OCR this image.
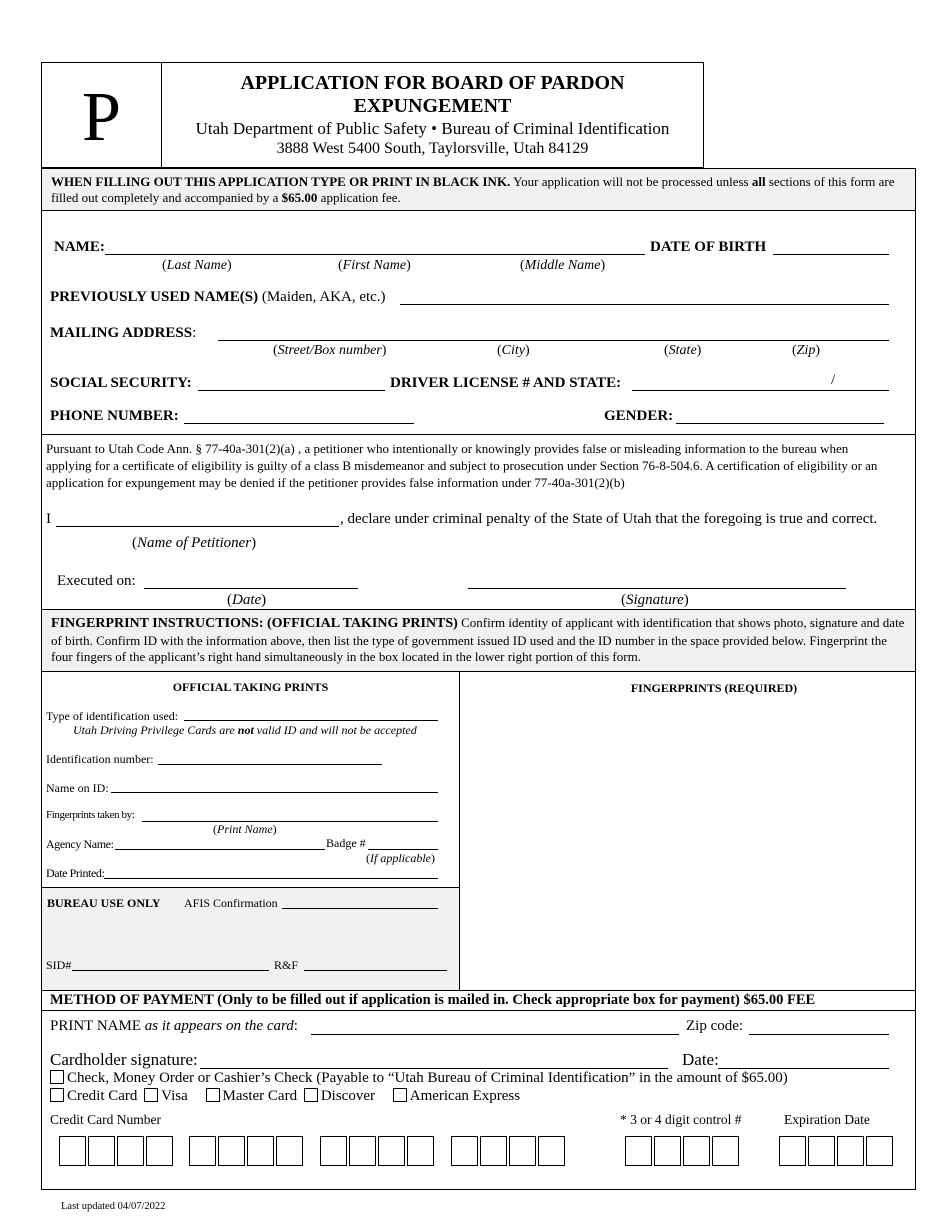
P	APPLICATION FOR BOARD OF PARDON
EXPUNGEMENT
Utah Department of Public Safety • Bureau of Criminal Identification
3888 West 5400 South, Taylorsville, Utah 84129
WHEN FILLING OUT THIS APPLICATION TYPE OR PRINT IN BLACK INK. Your application will not be processed unless all sections of this form are filled out completely and accompanied by a $65.00 application fee.
NAME:	DATE OF BIRTH
(Last Name)	(First Name)	(Middle Name)
PREVIOUSLY USED NAME(S) (Maiden, AKA, etc.)
MAILING ADDRESS:
(Street/Box number)	(City)	(State)	(Zip)
SOCIAL SECURITY:	DRIVER LICENSE # AND STATE:	/
PHONE NUMBER:	GENDER:
Pursuant to Utah Code Ann. § 77-40a-301(2)(a) , a petitioner who intentionally or knowingly provides false or misleading information to the bureau when applying for a certificate of eligibility is guilty of a class B misdemeanor and subject to prosecution under Section 76-8-504.6. A certification of eligibility or an application for expungement may be denied if the petitioner provides false information under 77-40a-301(2)(b)
I	, declare under criminal penalty of the State of Utah that the foregoing is true and correct.
(Name of Petitioner)
Executed on:
(Date)	(Signature)
FINGERPRINT INSTRUCTIONS: (OFFICIAL TAKING PRINTS) Confirm identity of applicant with identification that shows photo, signature and date of birth. Confirm ID with the information above, then list the type of government issued ID used and the ID number in the space provided below. Fingerprint the four fingers of the applicant’s right hand simultaneously in the box located in the lower right portion of this form.
OFFICIAL TAKING PRINTS	FINGERPRINTS (REQUIRED)
Type of identification used:
Utah Driving Privilege Cards are not valid ID and will not be accepted
Identification number:
Name on ID:
Fingerprints taken by:
(Print Name)
Agency Name:	Badge #
(If applicable)
Date Printed:
BUREAU USE ONLY AFIS Confirmation
SID#	R&F
METHOD OF PAYMENT (Only to be filled out if application is mailed in. Check appropriate box for payment) $65.00 FEE
PRINT NAME as it appears on the card:	Zip code:
Cardholder signature:	Date:
Check, Money Order or Cashier’s Check (Payable to “Utah Bureau of Criminal Identification” in the amount of $65.00)
Credit Card Visa Master Card Discover American Express
Credit Card Number	* 3 or 4 digit control #	Expiration Date
Last updated 04/07/2022
